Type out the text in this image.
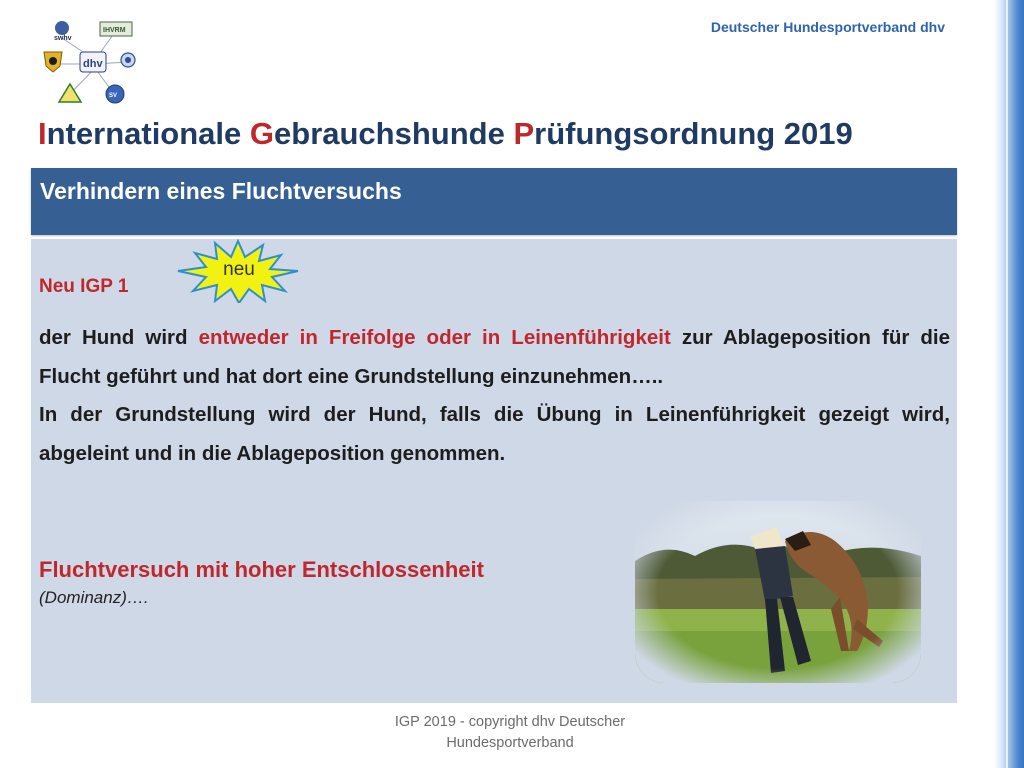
Deutscher Hundesportverband dhv
swhv
IHVRM
dhv
SV
Internationale Gebrauchshunde Prüfungsordnung 2019
Verhindern eines Fluchtversuchs
neu
Neu IGP 1

der Hund wird entweder in Freifolge oder in Leinenführigkeit zur Ablageposition für die Flucht geführt und hat dort eine Grundstellung einzunehmen…..

In der Grundstellung wird der Hund, falls die Übung in Leinenführigkeit gezeigt wird, abgeleint und in die Ablageposition genommen.

Fluchtversuch mit hoher Entschlossenheit
(Dominanz)….
IGP 2019 - copyright dhv Deutscher
Hundesportverband
